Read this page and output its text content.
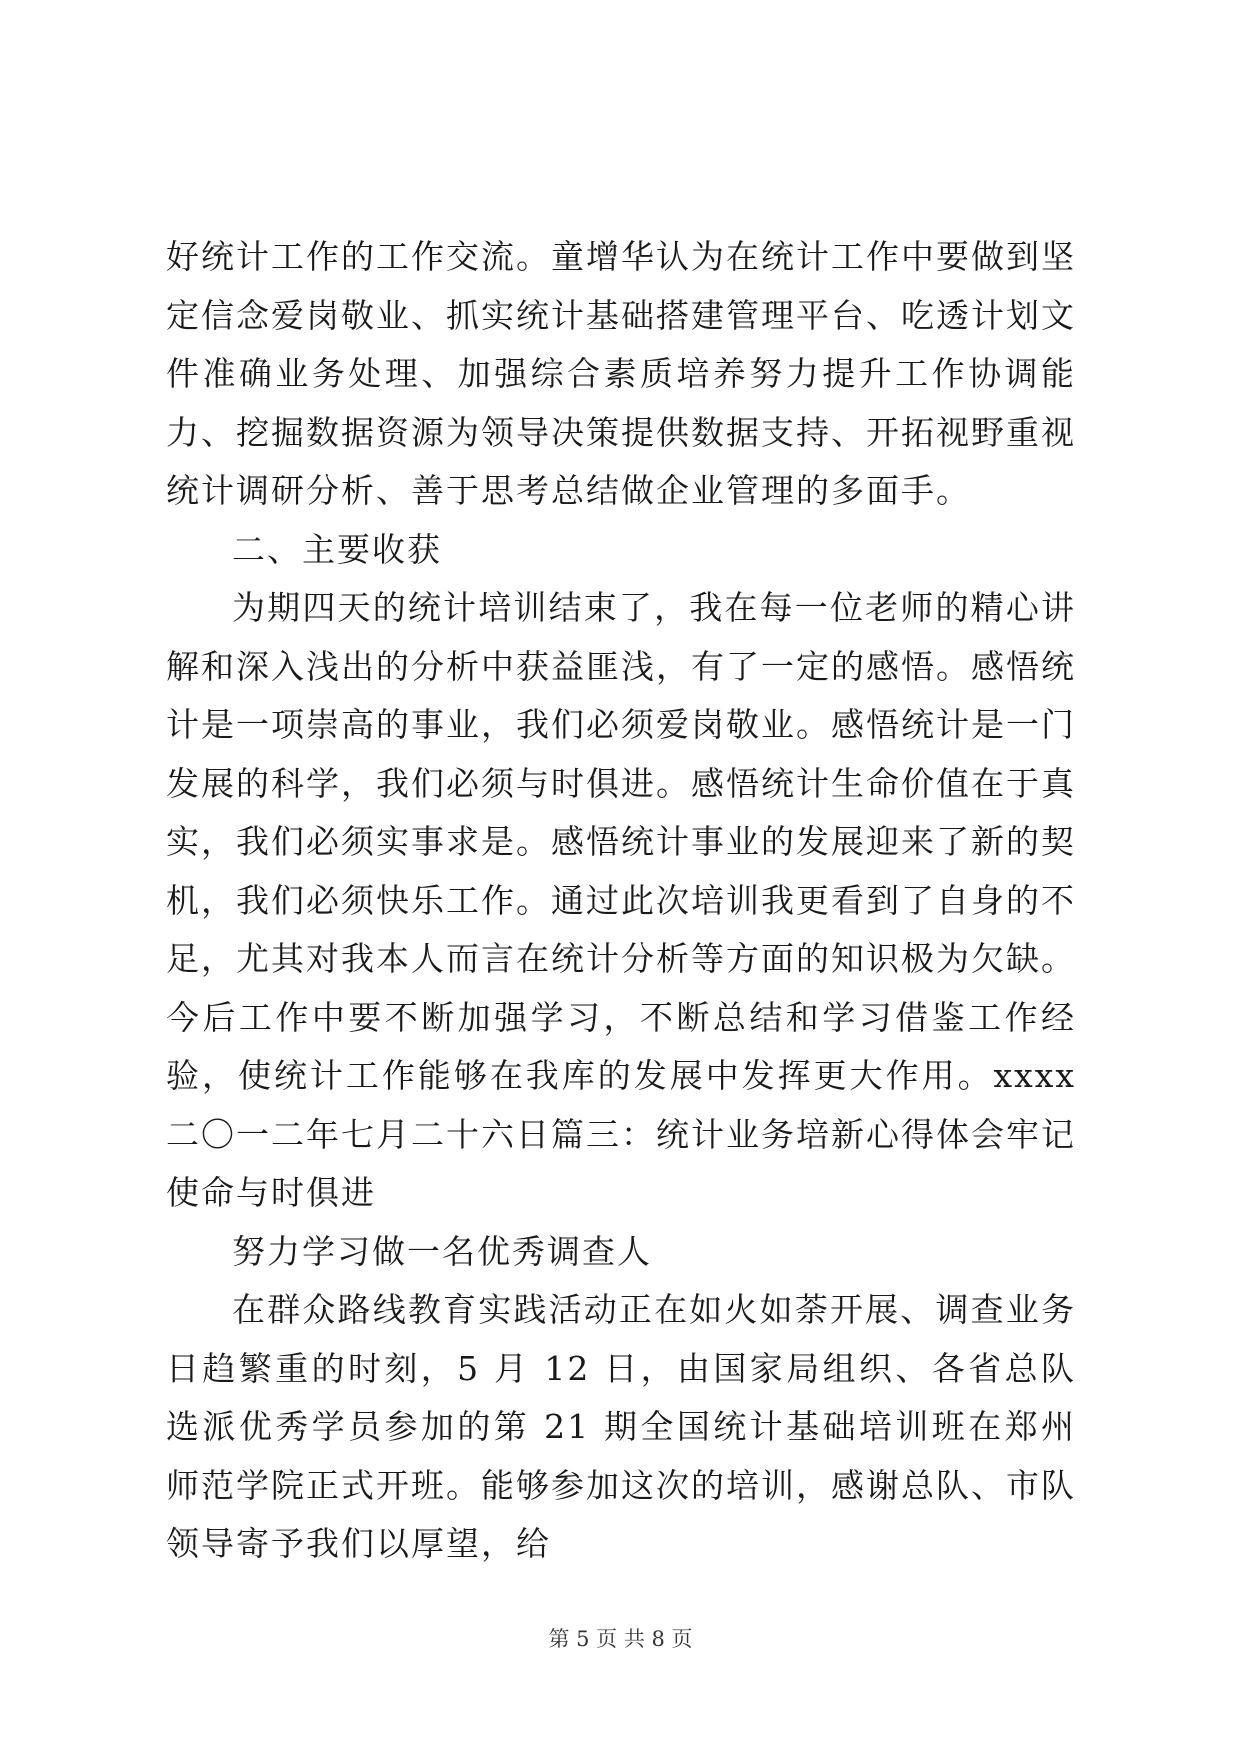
好统计工作的工作交流。童增华认为在统计工作中要做到坚定信念爱岗敬业、抓实统计基础搭建管理平台、吃透计划文件准确业务处理、加强综合素质培养努力提升工作协调能力、挖掘数据资源为领导决策提供数据支持、开拓视野重视统计调研分析、善于思考总结做企业管理的多面手。

二、主要收获

为期四天的统计培训结束了，我在每一位老师的精心讲解和深入浅出的分析中获益匪浅，有了一定的感悟。感悟统计是一项崇高的事业，我们必须爱岗敬业。感悟统计是一门发展的科学，我们必须与时俱进。感悟统计生命价值在于真实，我们必须实事求是。感悟统计事业的发展迎来了新的契机，我们必须快乐工作。通过此次培训我更看到了自身的不足，尤其对我本人而言在统计分析等方面的知识极为欠缺。今后工作中要不断加强学习，不断总结和学习借鉴工作经验，使统计工作能够在我库的发展中发挥更大作用。xxxx 二〇一二年七月二十六日篇三：统计业务培新心得体会牢记使命与时俱进

努力学习做一名优秀调查人

在群众路线教育实践活动正在如火如荼开展、调查业务日趋繁重的时刻，5 月 12 日，由国家局组织、各省总队选派优秀学员参加的第 21 期全国统计基础培训班在郑州师范学院正式开班。能够参加这次的培训，感谢总队、市队领导寄予我们以厚望，给

第 5 页 共 8 页
